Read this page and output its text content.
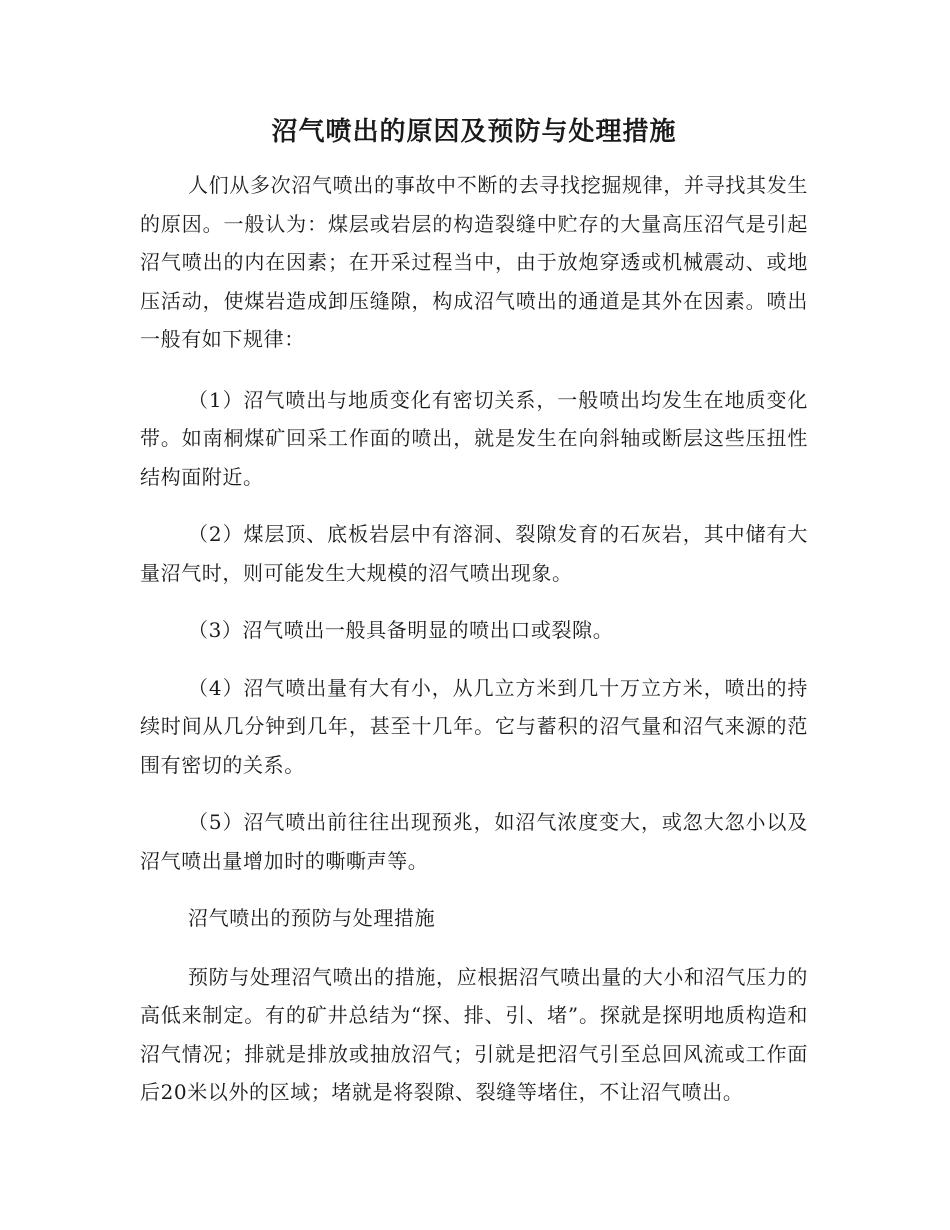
沼气喷出的原因及预防与处理措施

人们从多次沼气喷出的事故中不断的去寻找挖掘规律，并寻找其发生的原因。一般认为：煤层或岩层的构造裂缝中贮存的大量高压沼气是引起沼气喷出的内在因素；在开采过程当中，由于放炮穿透或机械震动、或地压活动，使煤岩造成卸压缝隙，构成沼气喷出的通道是其外在因素。喷出一般有如下规律：

（1）沼气喷出与地质变化有密切关系，一般喷出均发生在地质变化带。如南桐煤矿回采工作面的喷出，就是发生在向斜轴或断层这些压扭性结构面附近。

（2）煤层顶、底板岩层中有溶洞、裂隙发育的石灰岩，其中储有大量沼气时，则可能发生大规模的沼气喷出现象。

（3）沼气喷出一般具备明显的喷出口或裂隙。

（4）沼气喷出量有大有小，从几立方米到几十万立方米，喷出的持续时间从几分钟到几年，甚至十几年。它与蓄积的沼气量和沼气来源的范围有密切的关系。

（5）沼气喷出前往往出现预兆，如沼气浓度变大，或忽大忽小以及沼气喷出量增加时的嘶嘶声等。

沼气喷出的预防与处理措施

预防与处理沼气喷出的措施，应根据沼气喷出量的大小和沼气压力的高低来制定。有的矿井总结为“探、排、引、堵”。探就是探明地质构造和沼气情况；排就是排放或抽放沼气；引就是把沼气引至总回风流或工作面后20米以外的区域；堵就是将裂隙、裂缝等堵住，不让沼气喷出。
